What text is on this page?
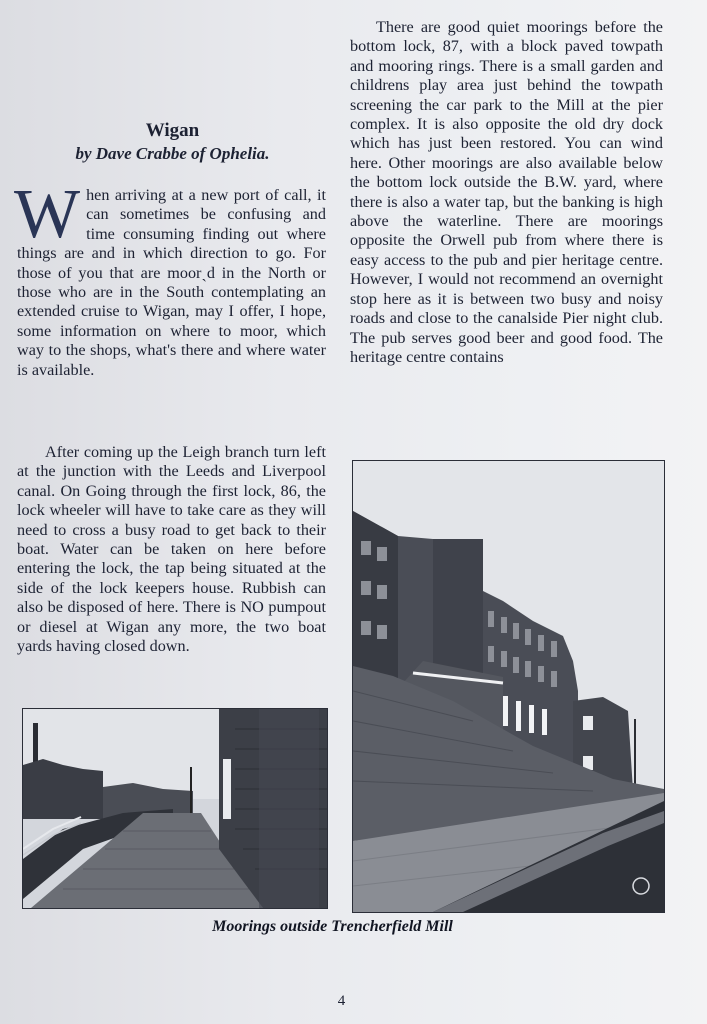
Wigan
by Dave Crabbe of Ophelia.

When arriving at a new port of call, it can sometimes be confusing and time consuming finding out where things are and in which direction to go. For those of you that are moorˎd in the North or those who are in the South contemplating an extended cruise to Wigan, may I offer, I hope, some information on where to moor, which way to the shops, what's there and where water is available.

After coming up the Leigh branch turn left at the junction with the Leeds and Liverpool canal. On Going through the first lock, 86, the lock wheeler will have to take care as they will need to cross a busy road to get back to their boat. Water can be taken on here before entering the lock, the tap being situated at the side of the lock keepers house. Rubbish can also be disposed of here. There is NO pumpout or diesel at Wigan any more, the two boat yards having closed down.

There are good quiet moorings before the bottom lock, 87, with a block paved towpath and mooring rings. There is a small garden and childrens play area just behind the towpath screening the car park to the Mill at the pier complex. It is also opposite the old dry dock which has just been restored. You can wind here. Other moorings are also available below the bottom lock outside the B.W. yard, where there is also a water tap, but the banking is high above the waterline. There are moorings opposite the Orwell pub from where there is easy access to the pub and pier heritage centre. However, I would not recommend an overnight stop here as it is between two busy and noisy roads and close to the canalside Pier night club. The pub serves good beer and good food. The heritage centre contains

Moorings outside Trencherfield Mill
4
